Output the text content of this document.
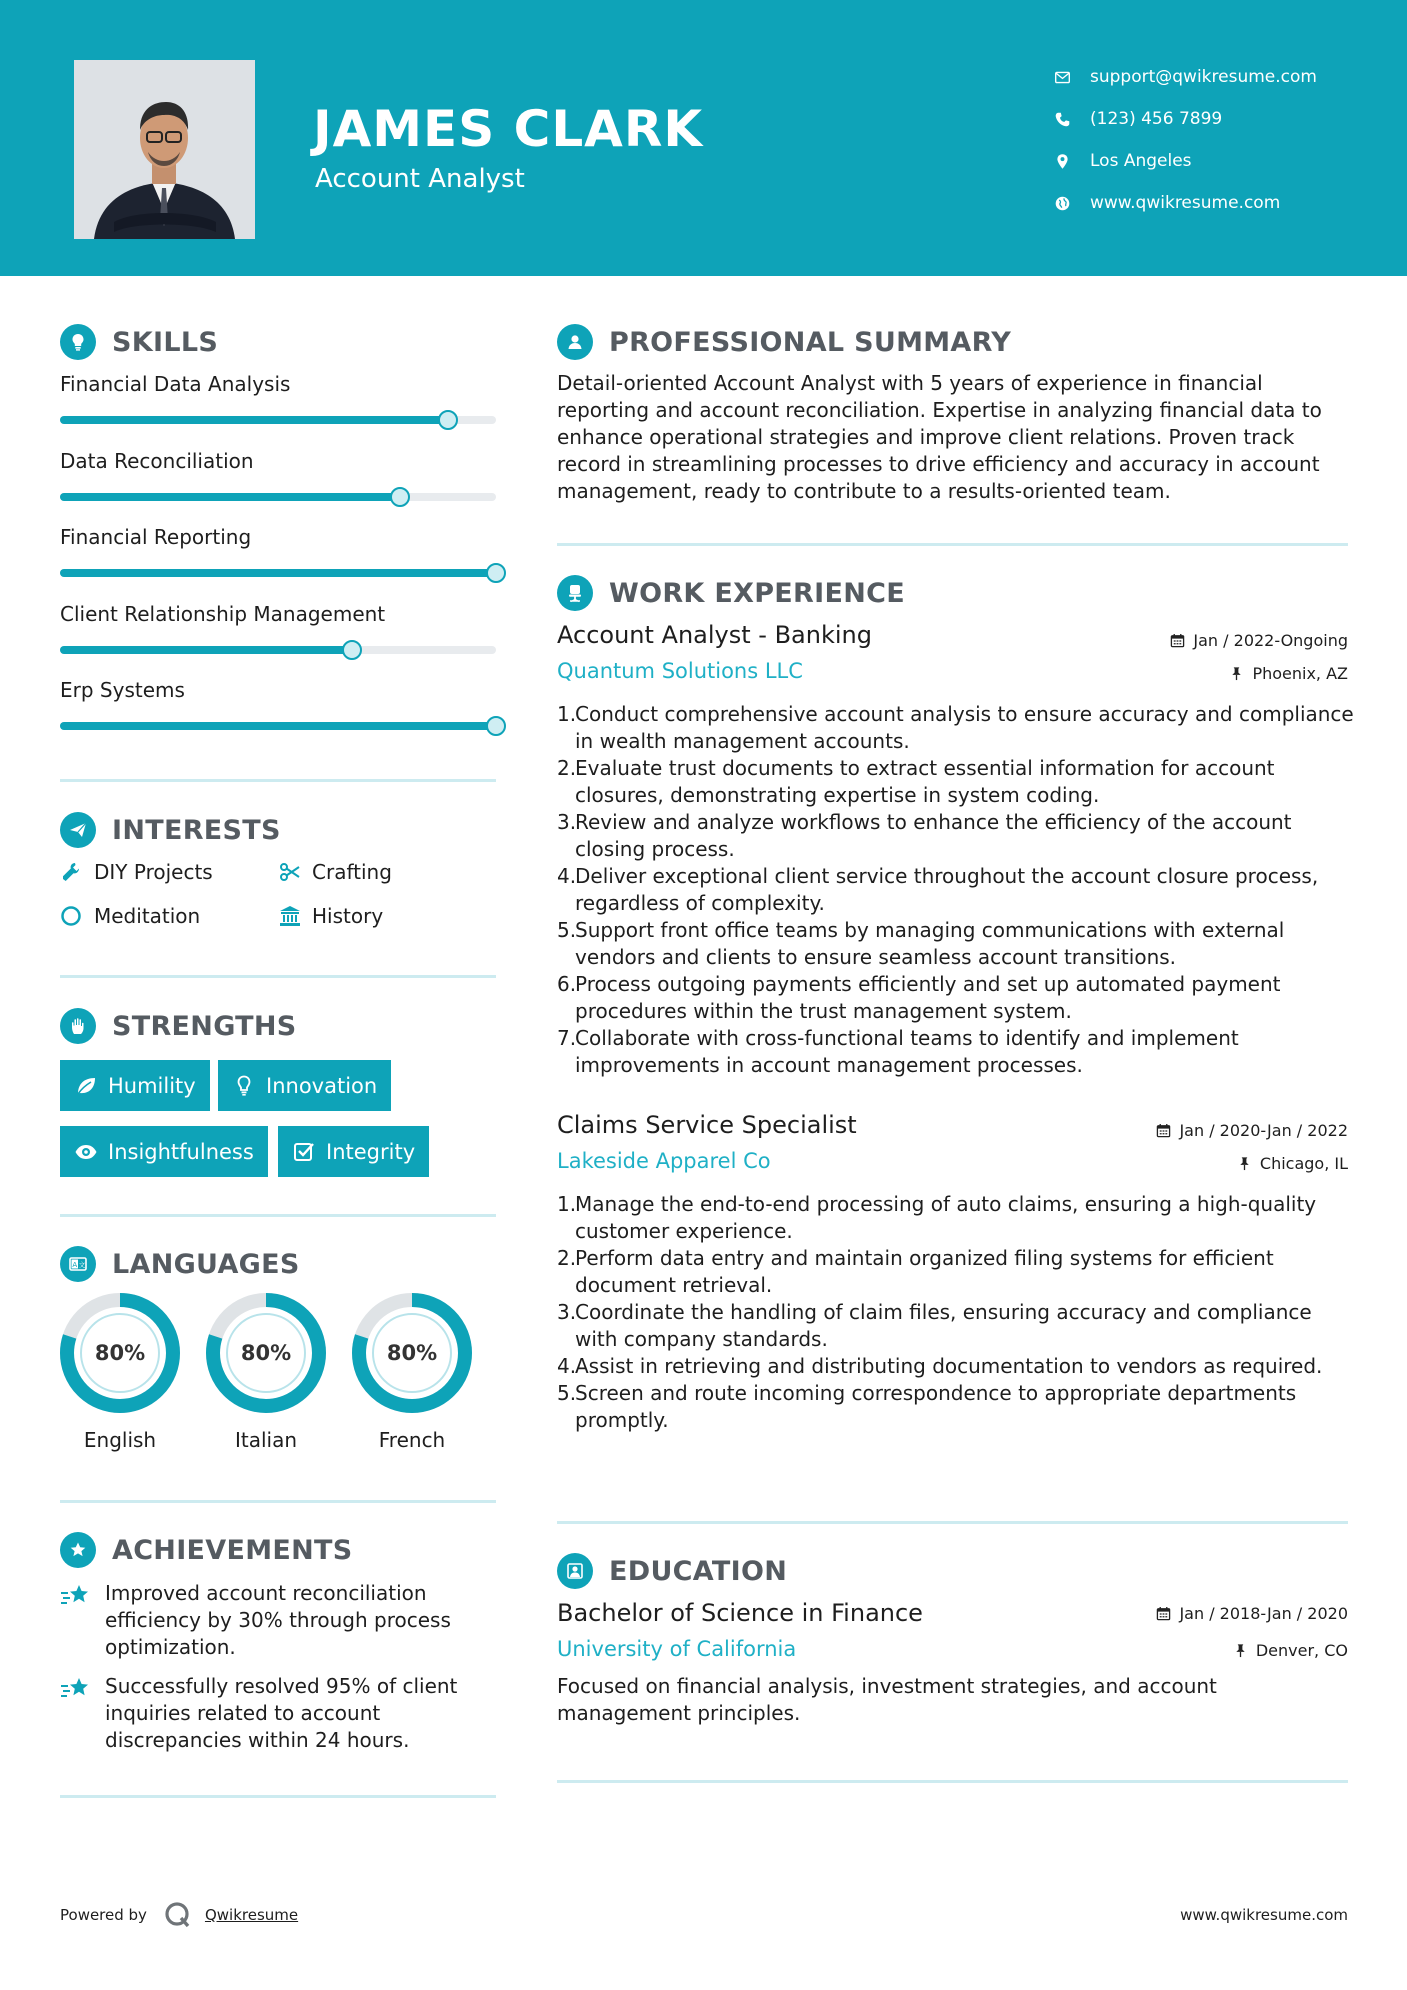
JAMES CLARK
Account Analyst
support@qwikresume.com
(123) 456 7899
Los Angeles
www.qwikresume.com
SKILLS
Financial Data Analysis
Data Reconciliation
Financial Reporting
Client Relationship Management
Erp Systems
INTERESTS
DIY Projects	Crafting
Meditation	History
STRENGTHS
Humility	Innovation
Insightfulness	Integrity
A 文 LANGUAGES
80%
English
80%
Italian
80%
French
ACHIEVEMENTS
Improved account reconciliation efficiency by 30% through process optimization.
Successfully resolved 95% of client inquiries related to account discrepancies within 24 hours.
PROFESSIONAL SUMMARY
Detail-oriented Account Analyst with 5 years of experience in financial reporting and account reconciliation. Expertise in analyzing financial data to enhance operational strategies and improve client relations. Proven track record in streamlining processes to drive efficiency and accuracy in account management, ready to contribute to a results-oriented team.
WORK EXPERIENCE
Account Analyst - Banking	Jan / 2022-Ongoing
Quantum Solutions LLC	Phoenix, AZ
1.
Conduct comprehensive account analysis to ensure accuracy and compliance in wealth management accounts.
2.
Evaluate trust documents to extract essential information for account closures, demonstrating expertise in system coding.
3.
Review and analyze workflows to enhance the efficiency of the account closing process.
4.
Deliver exceptional client service throughout the account closure process, regardless of complexity.
5.
Support front office teams by managing communications with external vendors and clients to ensure seamless account transitions.
6.
Process outgoing payments efficiently and set up automated payment procedures within the trust management system.
7.
Collaborate with cross-functional teams to identify and implement improvements in account management processes.
Claims Service Specialist	Jan / 2020-Jan / 2022
Lakeside Apparel Co	Chicago, IL
1.
Manage the end-to-end processing of auto claims, ensuring a high-quality customer experience.
2.
Perform data entry and maintain organized filing systems for efficient document retrieval.
3.
Coordinate the handling of claim files, ensuring accuracy and compliance with company standards.
4.
Assist in retrieving and distributing documentation to vendors as required.
5.
Screen and route incoming correspondence to appropriate departments promptly.
EDUCATION
Bachelor of Science in Finance	Jan / 2018-Jan / 2020
University of California	Denver, CO
Focused on financial analysis, investment strategies, and account management principles.
Powered by	Qwikresume	www.qwikresume.com
